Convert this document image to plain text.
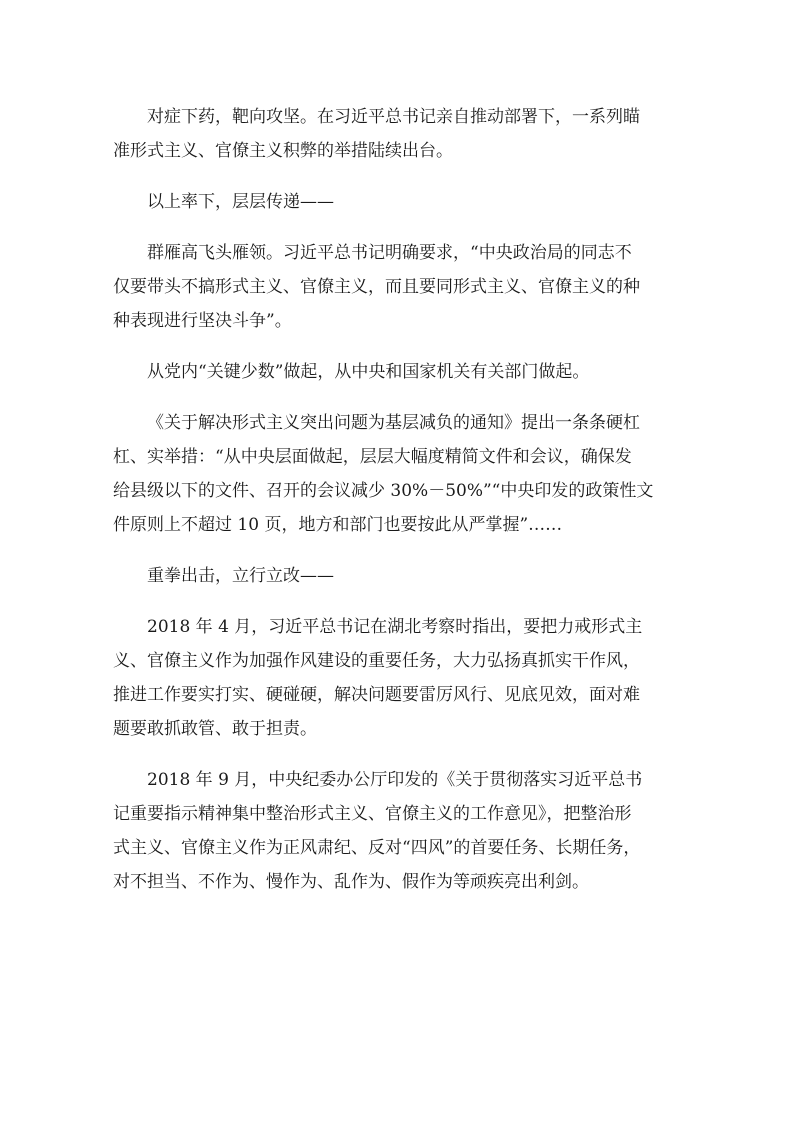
对症下药，靶向攻坚。在习近平总书记亲自推动部署下，一系列瞄
准形式主义、官僚主义积弊的举措陆续出台。

以上率下，层层传递——

群雁高飞头雁领。习近平总书记明确要求，“中央政治局的同志不
仅要带头不搞形式主义、官僚主义，而且要同形式主义、官僚主义的种
种表现进行坚决斗争”。

从党内“关键少数”做起，从中央和国家机关有关部门做起。

《关于解决形式主义突出问题为基层减负的通知》提出一条条硬杠
杠、实举措：“从中央层面做起，层层大幅度精简文件和会议，确保发
给县级以下的文件、召开的会议减少 30%－50%”“中央印发的政策性文
件原则上不超过 10 页，地方和部门也要按此从严掌握”……

重拳出击，立行立改——

2018 年 4 月，习近平总书记在湖北考察时指出，要把力戒形式主
义、官僚主义作为加强作风建设的重要任务，大力弘扬真抓实干作风，
推进工作要实打实、硬碰硬，解决问题要雷厉风行、见底见效，面对难
题要敢抓敢管、敢于担责。

2018 年 9 月，中央纪委办公厅印发的《关于贯彻落实习近平总书
记重要指示精神集中整治形式主义、官僚主义的工作意见》，把整治形
式主义、官僚主义作为正风肃纪、反对“四风”的首要任务、长期任务，
对不担当、不作为、慢作为、乱作为、假作为等顽疾亮出利剑。
